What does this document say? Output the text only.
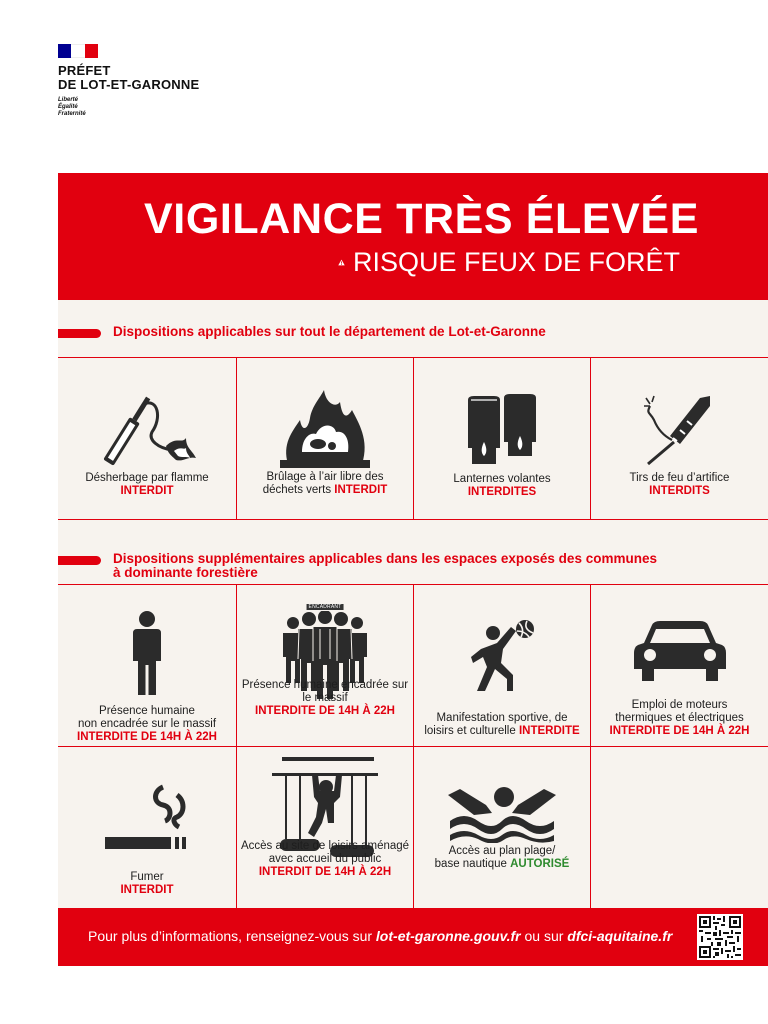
PRÉFET
DE LOT-ET-GARONNE
Liberté
Égalité
Fraternité
VIGILANCE TRÈS ÉLEVÉE
RISQUE FEUX DE FORÊT
Dispositions applicables sur tout le département de Lot-et-Garonne
Dispositions supplémentaires applicables dans les espaces exposés des communes
à dominante forestière
Désherbage par flamme
INTERDIT
Brûlage à l’air libre des
déchets verts INTERDIT
Lanternes volantes
INTERDITES
Tirs de feu d’artifice
INTERDITS
Présence humaine
non encadrée sur le massif
INTERDITE DE 14H À 22H
ENCADRANT
Présence humaine encadrée sur
le massif
INTERDITE DE 14H À 22H
Manifestation sportive, de
loisirs et culturelle INTERDITE
Emploi de moteurs
thermiques et électriques
INTERDITE DE 14H À 22H
Fumer
INTERDIT
Accès au site de loisirs aménagé
avec accueil du public
INTERDIT DE 14H À 22H
Accès au plan plage/
base nautique AUTORISÉ
Pour plus d’informations, renseignez-vous sur lot-et-garonne.gouv.fr ou sur dfci-aquitaine.fr
